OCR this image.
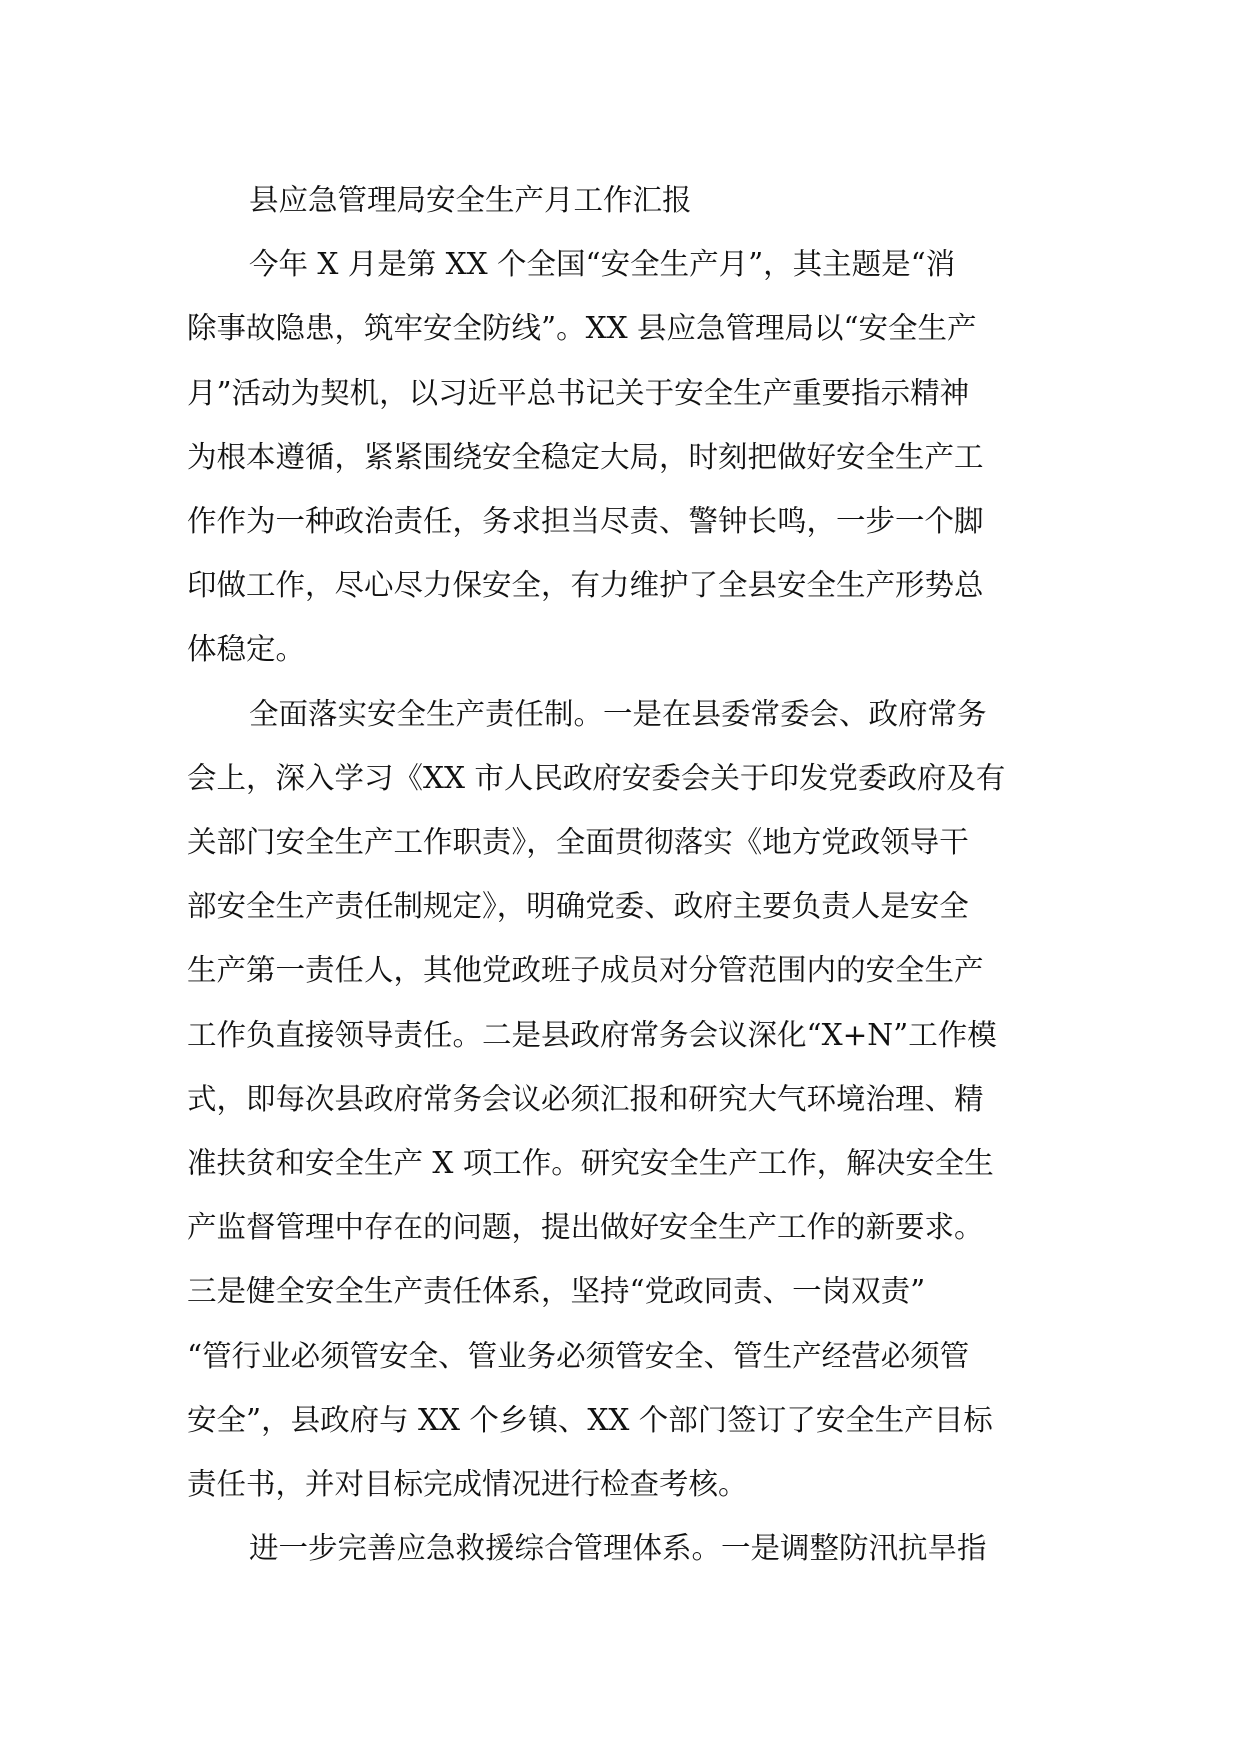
县应急管理局安全生产月工作汇报

今年 X 月是第 XX 个全国“安全生产月”，其主题是“消
除事故隐患，筑牢安全防线”。XX 县应急管理局以“安全生产
月”活动为契机，以习近平总书记关于安全生产重要指示精神
为根本遵循，紧紧围绕安全稳定大局，时刻把做好安全生产工
作作为一种政治责任，务求担当尽责、警钟长鸣，一步一个脚
印做工作，尽心尽力保安全，有力维护了全县安全生产形势总
体稳定。

全面落实安全生产责任制。一是在县委常委会、政府常务
会上，深入学习《XX 市人民政府安委会关于印发党委政府及有
关部门安全生产工作职责》，全面贯彻落实《地方党政领导干
部安全生产责任制规定》，明确党委、政府主要负责人是安全
生产第一责任人，其他党政班子成员对分管范围内的安全生产
工作负直接领导责任。二是县政府常务会议深化“X+N”工作模
式，即每次县政府常务会议必须汇报和研究大气环境治理、精
准扶贫和安全生产 X 项工作。研究安全生产工作，解决安全生
产监督管理中存在的问题，提出做好安全生产工作的新要求。
三是健全安全生产责任体系，坚持“党政同责、一岗双责”
“管行业必须管安全、管业务必须管安全、管生产经营必须管
安全”，县政府与 XX 个乡镇、XX 个部门签订了安全生产目标
责任书，并对目标完成情况进行检查考核。

进一步完善应急救援综合管理体系。一是调整防汛抗旱指
